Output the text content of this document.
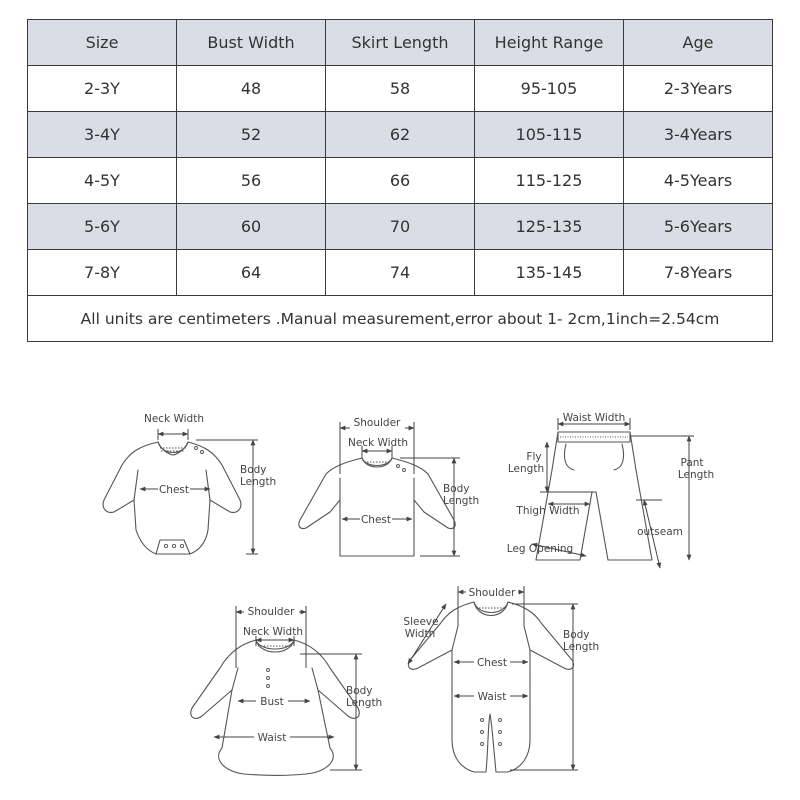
Size	Bust Width	Skirt Length	Height Range	Age
2-3Y	48	58	95-105	2-3Years
3-4Y	52	62	105-115	3-4Years
4-5Y	56	66	115-125	4-5Years
5-6Y	60	70	125-135	5-6Years
7-8Y	64	74	135-145	7-8Years
All units are centimeters .Manual measurement,error about 1- 2cm,1inch=2.54cm				
Neck Width
Chest
Body
Length
Shoulder
Neck Width
Chest
Body
Length
Waist Width
Fly
Length	Pant
Length
Thigh Width
outseam
Leg Opening
Shoulder
Neck Width
Bust
Waist
Body
Length
Shoulder
Sleeve
Width
Chest
Waist
Body
Length
